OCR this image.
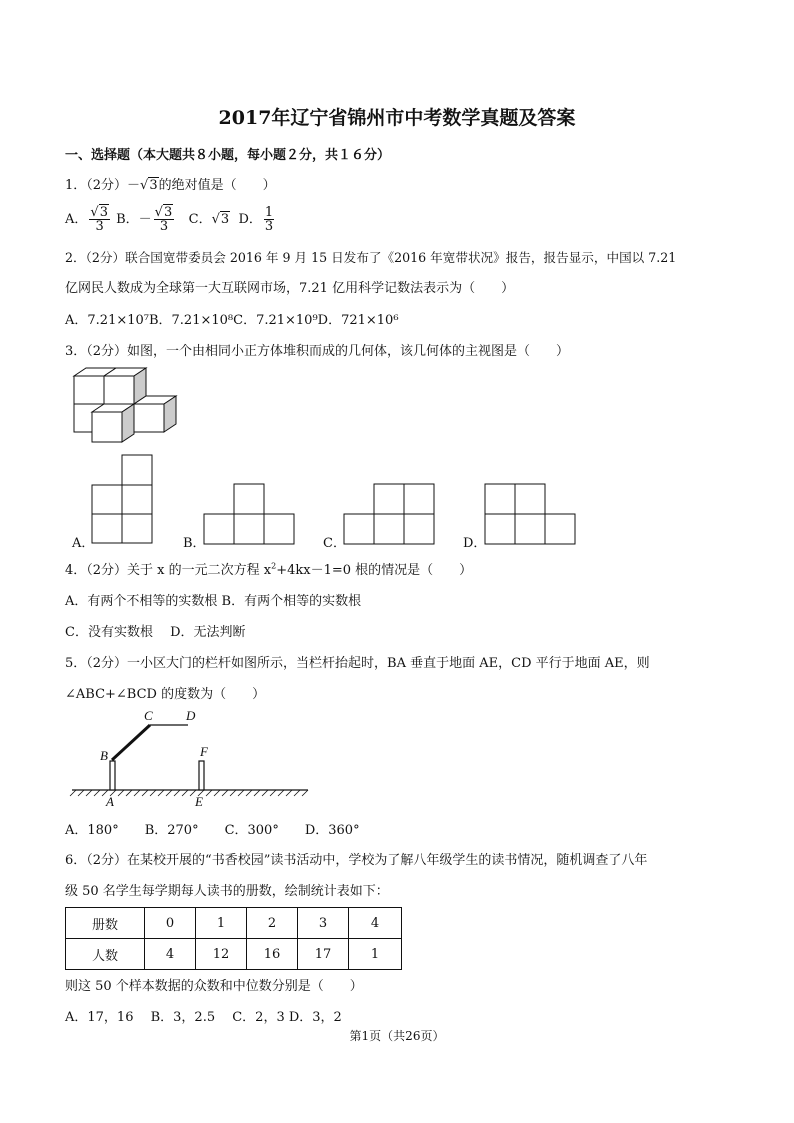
2017年辽宁省锦州市中考数学真题及答案
一、选择题（本大题共８小题，每小题２分，共１６分）
1．（2分）－√3的绝对值是（　　）
A． $\frac{√3}{3}$ B．－ $\frac{√3}{3}$ C．√3 D． $\frac{1}{3}$
2．（2分）联合国宽带委员会 2016 年 9 月 15 日发布了《2016 年宽带状况》报告，报告显示，中国以 7.21
亿网民人数成为全球第一大互联网市场，7.21 亿用科学记数法表示为（　　）
A．7.21×10⁷B．7.21×10⁸C．7.21×10⁹D．721×10⁶
3．（2分）如图，一个由相同小正方体堆积而成的几何体，该几何体的主视图是（　　）
A．	B．	C．	D．
4．（2分）关于 x 的一元二次方程 $x^2+4kx-1=0$ 根的情况是（　　）
A．有两个不相等的实数根 B．有两个相等的实数根
C．没有实数根　 D．无法判断
5．（2分）一小区大门的栏杆如图所示，当栏杆抬起时，BA 垂直于地面 AE，CD 平行于地面 AE，则
∠ABC+∠BCD 的度数为（　　）
B
C	D
F
A	E
A．180°　　B．270°　　C．300°　　D．360°
6．（2分）在某校开展的“书香校园”读书活动中，学校为了解八年级学生的读书情况，随机调查了八年
级 50 名学生每学期每人读书的册数，绘制统计表如下：
册数	0	1	2	3	4
人数	4	12	16	17	1
则这 50 个样本数据的众数和中位数分别是（　　）
A．17，16　 B．3，2.5　 C．2，3 D．3，2
第1页（共26页）
